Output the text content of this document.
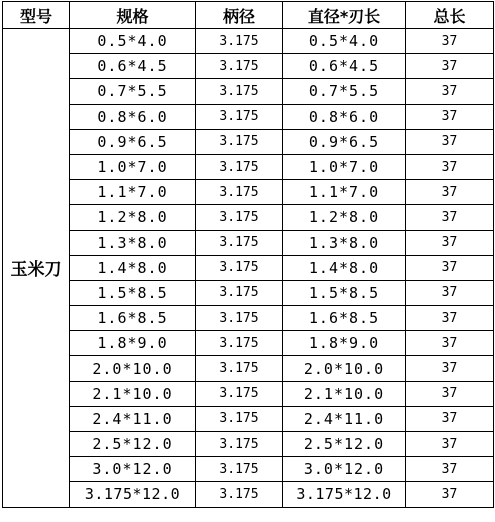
型号	规格	柄径	直径*刃长	总长
玉米刀	0.5*4.0	3.175	0.5*4.0	37
	0.6*4.5	3.175	0.6*4.5	37
	0.7*5.5	3.175	0.7*5.5	37
	0.8*6.0	3.175	0.8*6.0	37
	0.9*6.5	3.175	0.9*6.5	37
	1.0*7.0	3.175	1.0*7.0	37
	1.1*7.0	3.175	1.1*7.0	37
	1.2*8.0	3.175	1.2*8.0	37
	1.3*8.0	3.175	1.3*8.0	37
	1.4*8.0	3.175	1.4*8.0	37
	1.5*8.5	3.175	1.5*8.5	37
	1.6*8.5	3.175	1.6*8.5	37
	1.8*9.0	3.175	1.8*9.0	37
	2.0*10.0	3.175	2.0*10.0	37
	2.1*10.0	3.175	2.1*10.0	37
	2.4*11.0	3.175	2.4*11.0	37
	2.5*12.0	3.175	2.5*12.0	37
	3.0*12.0	3.175	3.0*12.0	37
	3.175*12.0	3.175	3.175*12.0	37
